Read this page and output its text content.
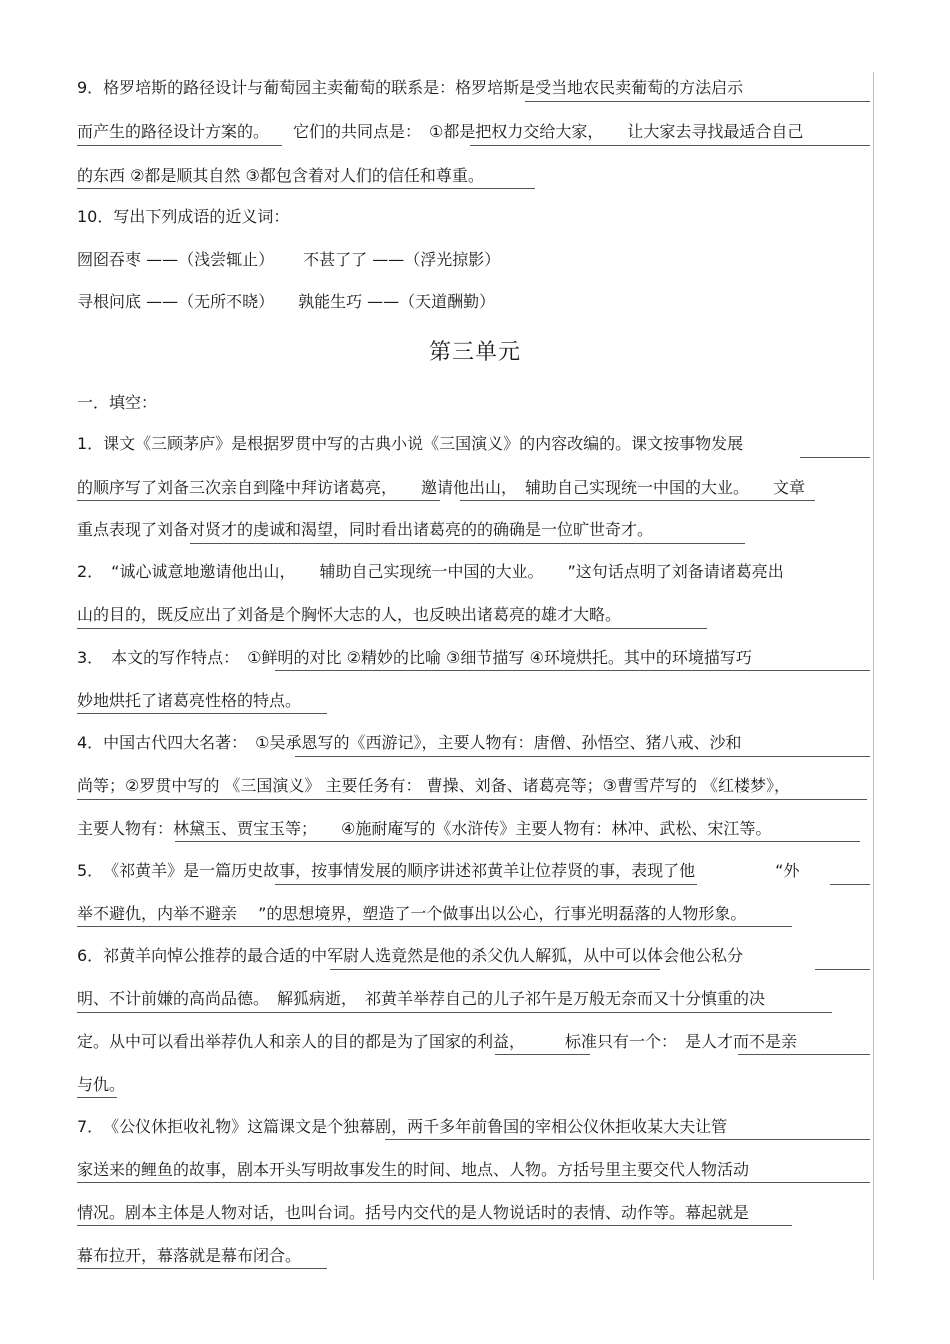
9．格罗培斯的路径设计与葡萄园主卖葡萄的联系是：格罗培斯是受当地农民卖葡萄的方法启示
而产生的路径设计方案的。　　它们的共同点是：　①都是把权力交给大家，　　让大家去寻找最适合自己
的东西 ②都是顺其自然 ③都包含着对人们的信任和尊重。
10．写出下列成语的近义词：
囫囵吞枣 ——（浅尝辄止）　　 不甚了了 ——（浮光掠影）
寻根问底 ——（无所不晓）　　孰能生巧 ——（天道酬勤）
第三单元
一．填空：
1．课文《三顾茅庐》是根据罗贯中写的古典小说《三国演义》的内容改编的。课文按事物发展
的顺序写了刘备三次亲自到隆中拜访诸葛亮，　　邀请他出山，　辅助自己实现统一中国的大业。　　文章
重点表现了刘备对贤才的虔诚和渴望，同时看出诸葛亮的的确确是一位旷世奇才。
2．　“诚心诚意地邀请他出山，　　辅助自己实现统一中国的大业。　　”这句话点明了刘备请诸葛亮出
山的目的，既反应出了刘备是个胸怀大志的人，也反映出诸葛亮的雄才大略。
3．　本文的写作特点：　①鲜明的对比 ②精妙的比喻 ③细节描写 ④环境烘托。其中的环境描写巧
妙地烘托了诸葛亮性格的特点。
4．中国古代四大名著：　①吴承恩写的《西游记》，主要人物有：唐僧、孙悟空、猪八戒、沙和
尚等；②罗贯中写的 《三国演义》 主要任务有： 曹操、刘备、诸葛亮等；③曹雪芹写的 《红楼梦》，
主要人物有：林黛玉、贾宝玉等；　　④施耐庵写的《水浒传》主要人物有：林冲、武松、宋江等。
5．　《祁黄羊》是一篇历史故事，按事情发展的顺序讲述祁黄羊让位荐贤的事，表现了他　　　　　“外
举不避仇，内举不避亲　 ”的思想境界，塑造了一个做事出以公心，行事光明磊落的人物形象。
6．祁黄羊向悼公推荐的最合适的中军尉人选竟然是他的杀父仇人解狐，从中可以体会他公私分
明、不计前嫌的高尚品德。　解狐病逝，　祁黄羊举荐自己的儿子祁午是万般无奈而又十分慎重的决
定。从中可以看出举荐仇人和亲人的目的都是为了国家的利益，　　　标准只有一个：　是人才而不是亲
与仇。
7．　《公仪休拒收礼物》这篇课文是个独幕剧，两千多年前鲁国的宰相公仪休拒收某大夫让管
家送来的鲤鱼的故事，剧本开头写明故事发生的时间、地点、人物。方括号里主要交代人物活动
情况。剧本主体是人物对话，也叫台词。括号内交代的是人物说话时的表情、动作等。幕起就是
幕布拉开，幕落就是幕布闭合。
